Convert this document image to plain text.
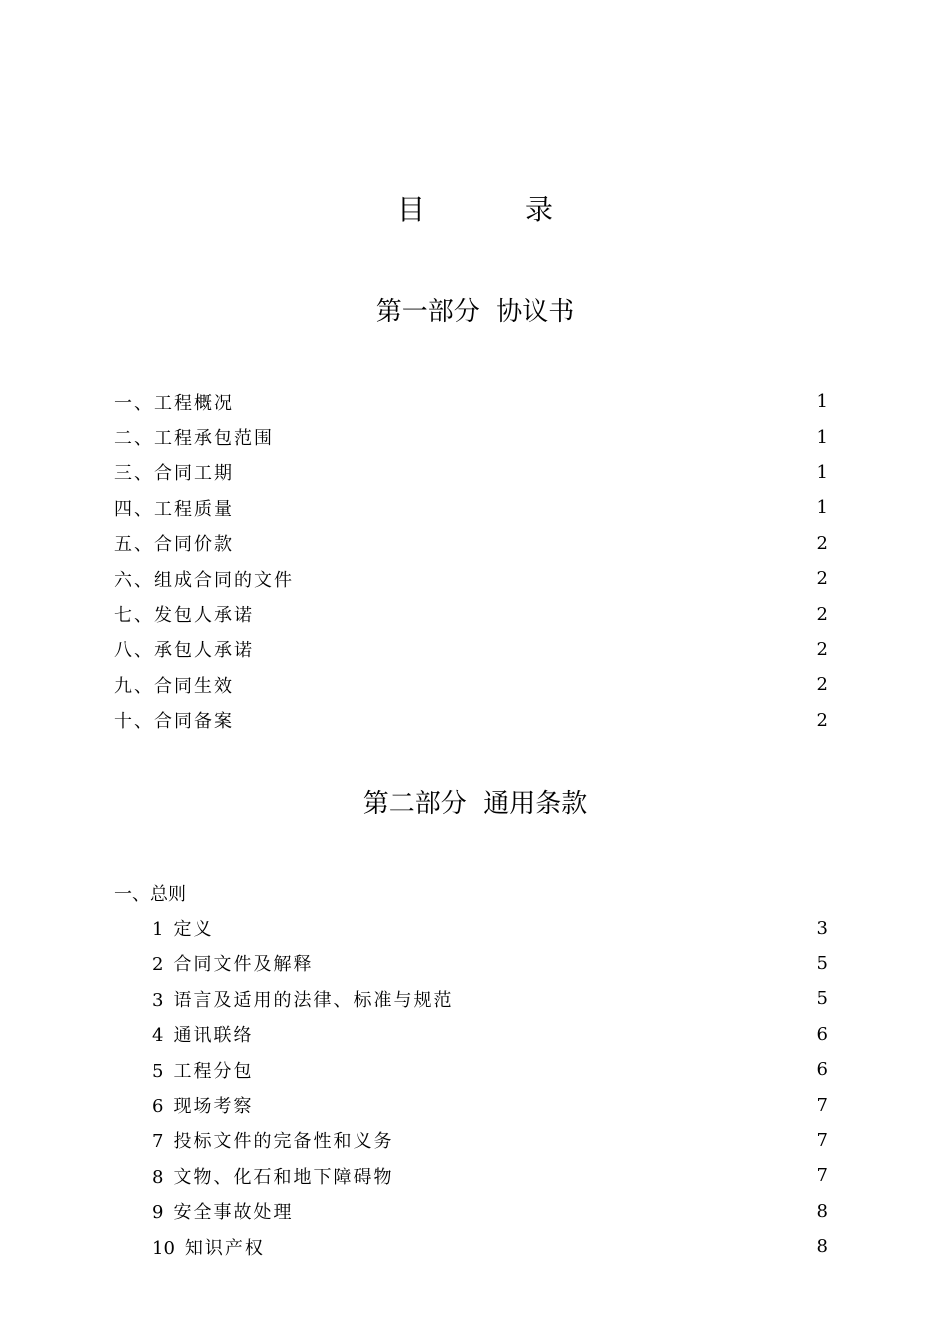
目　录
第一部分  协议书
一、工程概况	1
二、工程承包范围	1
三、合同工期	1
四、工程质量	1
五、合同价款	2
六、组成合同的文件	2
七、发包人承诺	2
八、承包人承诺	2
九、合同生效	2
十、合同备案	2
第二部分  通用条款
一、总则
1 定义	3
2 合同文件及解释	5
3 语言及适用的法律、标准与规范	5
4 通讯联络	6
5 工程分包	6
6 现场考察	7
7 投标文件的完备性和义务	7
8 文物、化石和地下障碍物	7
9 安全事故处理	8
10 知识产权	8
